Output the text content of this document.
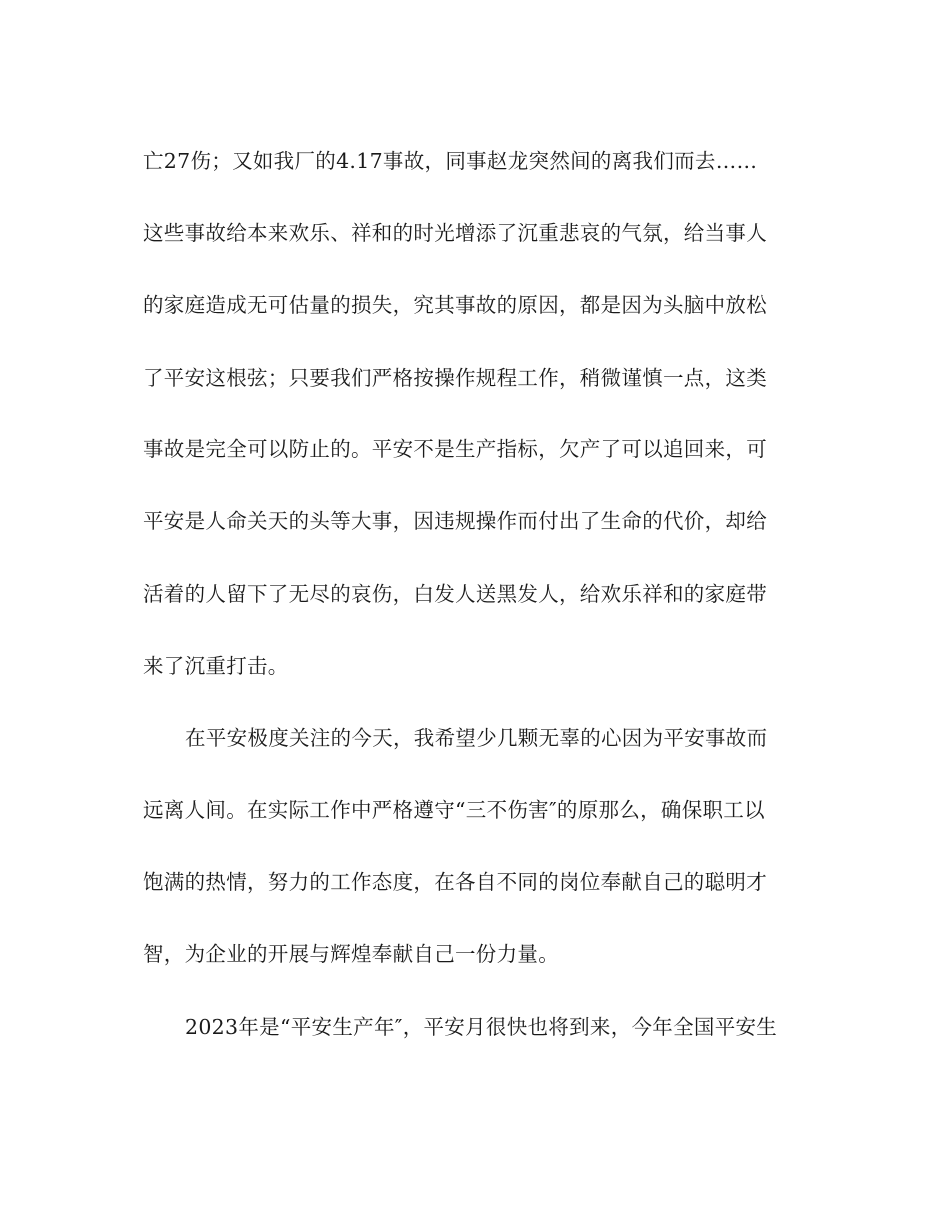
亡27伤；又如我厂的4.17事故，同事赵龙突然间的离我们而去……
这些事故给本来欢乐、祥和的时光增添了沉重悲哀的气氛，给当事人
的家庭造成无可估量的损失，究其事故的原因，都是因为头脑中放松
了平安这根弦；只要我们严格按操作规程工作，稍微谨慎一点，这类
事故是完全可以防止的。平安不是生产指标，欠产了可以追回来，可
平安是人命关天的头等大事，因违规操作而付出了生命的代价，却给
活着的人留下了无尽的哀伤，白发人送黑发人，给欢乐祥和的家庭带
来了沉重打击。
在平安极度关注的今天，我希望少几颗无辜的心因为平安事故而
远离人间。在实际工作中严格遵守“三不伤害″的原那么，确保职工以
饱满的热情，努力的工作态度，在各自不同的岗位奉献自己的聪明才
智，为企业的开展与辉煌奉献自己一份力量。
2023年是“平安生产年″，平安月很快也将到来，今年全国平安生
